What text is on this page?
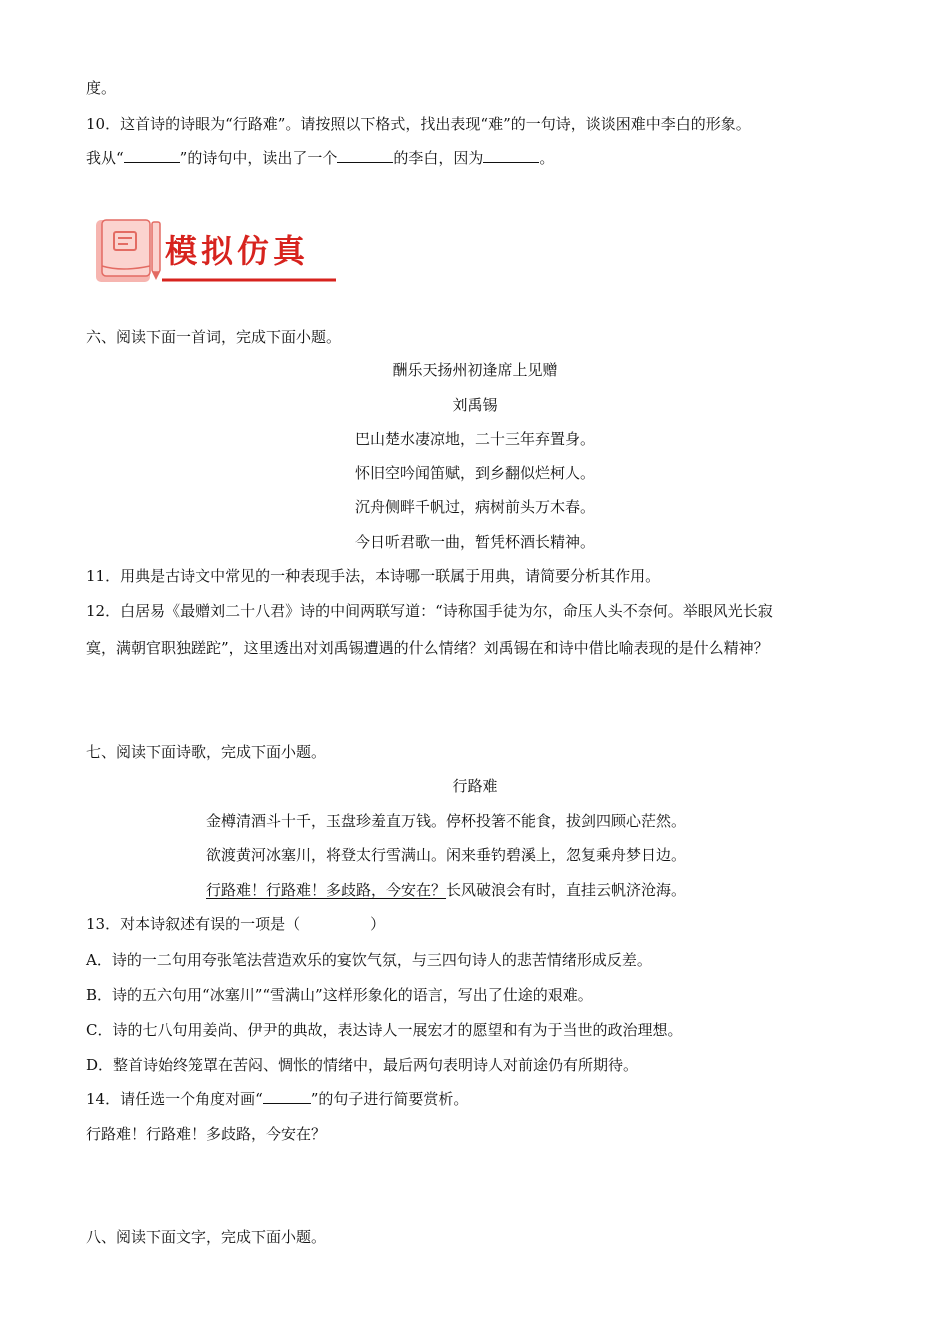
度。
10．这首诗的诗眼为“行路难”。请按照以下格式，找出表现“难”的一句诗，谈谈困难中李白的形象。
我从“	”的诗句中，读出了一个	的李白，因为	。
模拟仿真
六、阅读下面一首词，完成下面小题。
酬乐天扬州初逢席上见赠
刘禹锡
巴山楚水凄凉地，二十三年弃置身。
怀旧空吟闻笛赋，到乡翻似烂柯人。
沉舟侧畔千帆过，病树前头万木春。
今日听君歌一曲，暂凭杯酒长精神。
11．用典是古诗文中常见的一种表现手法，本诗哪一联属于用典，请简要分析其作用。
12．白居易《最赠刘二十八君》诗的中间两联写道：“诗称国手徒为尔，命压人头不奈何。举眼风光长寂
寞，满朝官职独蹉跎”，这里透出对刘禹锡遭遇的什么情绪？刘禹锡在和诗中借比喻表现的是什么精神？
七、阅读下面诗歌，完成下面小题。
行路难
金樽清酒斗十千，玉盘珍羞直万钱。停杯投箸不能食，拔剑四顾心茫然。
欲渡黄河冰塞川，将登太行雪满山。闲来垂钓碧溪上，忽复乘舟梦日边。
行路难！行路难！多歧路，今安在？长风破浪会有时，直挂云帆济沧海。
13．对本诗叙述有误的一项是（	）
A．诗的一二句用夸张笔法营造欢乐的宴饮气氛，与三四句诗人的悲苦情绪形成反差。
B．诗的五六句用“冰塞川”“雪满山”这样形象化的语言，写出了仕途的艰难。
C．诗的七八句用姜尚、伊尹的典故，表达诗人一展宏才的愿望和有为于当世的政治理想。
D．整首诗始终笼罩在苦闷、惆怅的情绪中，最后两句表明诗人对前途仍有所期待。
14．请任选一个角度对画“	”的句子进行简要赏析。
行路难！行路难！多歧路，今安在？
八、阅读下面文字，完成下面小题。
